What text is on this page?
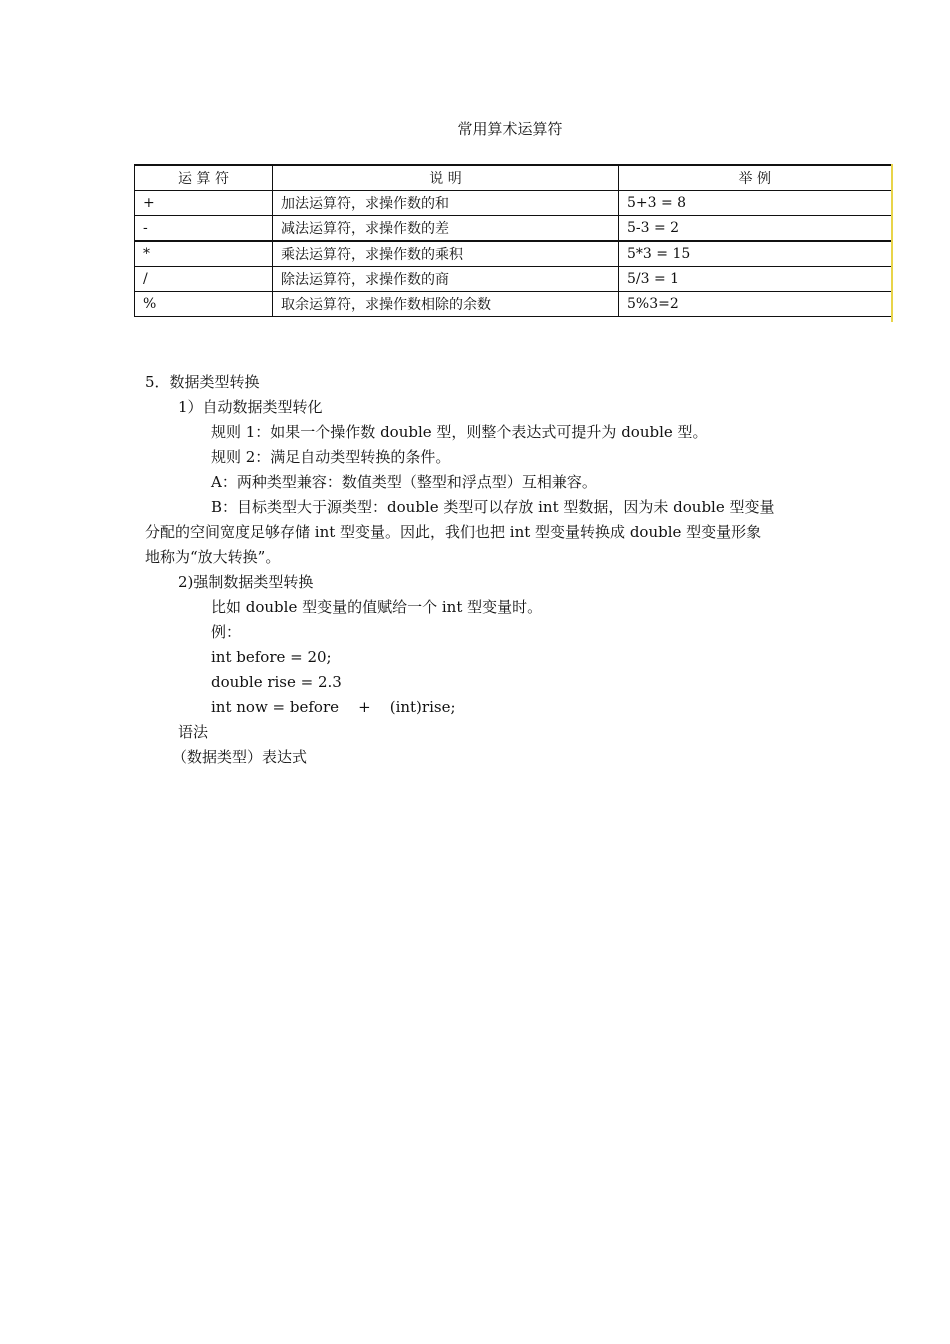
常用算术运算符
运 算 符	说 明	举 例
+	加法运算符，求操作数的和	5+3 = 8
-	减法运算符，求操作数的差	5-3 = 2
*	乘法运算符，求操作数的乘积	5*3 = 15
/	除法运算符，求操作数的商	5/3 = 1
%	取余运算符，求操作数相除的余数	5%3=2
5．数据类型转换
1）自动数据类型转化
规则 1：如果一个操作数 double 型，则整个表达式可提升为 double 型。
规则 2：满足自动类型转换的条件。
A：两种类型兼容：数值类型（整型和浮点型）互相兼容。
B：目标类型大于源类型：double 类型可以存放 int 型数据，因为未 double 型变量
分配的空间宽度足够存储 int 型变量。因此，我们也把 int 型变量转换成 double 型变量形象
地称为“放大转换”。
2)强制数据类型转换
比如 double 型变量的值赋给一个 int 型变量时。
例：
int before = 20;
double rise = 2.3
int now = before    +    (int)rise;
语法
（数据类型）表达式
